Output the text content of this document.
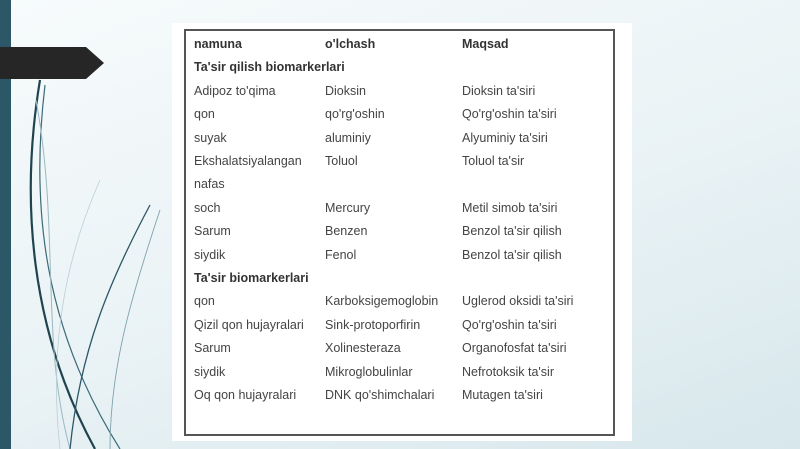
namuna	o'lchash	Maqsad
Ta'sir qilish biomarkerlari		
Adipoz to'qima	Dioksin	Dioksin ta'siri
qon	qo'rg'oshin	Qo'rg'oshin ta'siri
suyak	aluminiy	Alyuminiy ta'siri
Ekshalatsiyalangan nafas	Toluol	Toluol ta'sir
soch	Mercury	Metil simob ta'siri
Sarum	Benzen	Benzol ta'sir qilish
siydik	Fenol	Benzol ta'sir qilish
Ta'sir biomarkerlari		
qon	Karboksigemoglobin	Uglerod oksidi ta'siri
Qizil qon hujayralari	Sink-protoporfirin	Qo'rg'oshin ta'siri
Sarum	Xolinesteraza	Organofosfat ta'siri
siydik	Mikroglobulinlar	Nefrotoksik ta'sir
Oq qon hujayralari	DNK qo'shimchalari	Mutagen ta'siri
